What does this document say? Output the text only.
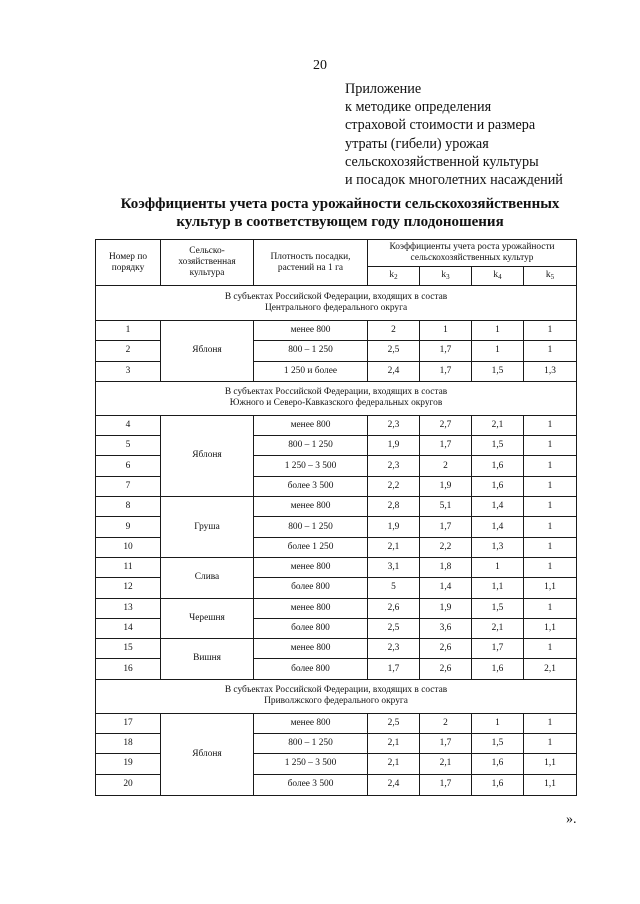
20
Приложение
к методике определения
страховой стоимости и размера
утраты (гибели) урожая
сельскохозяйственной культуры
и посадок многолетних насаждений
Коэффициенты учета роста урожайности сельскохозяйственных
культур в соответствующем году плодоношения
Номер по порядку	Сельско-хозяйственная культура	Плотность посадки, растений на 1 га	Коэффициенты учета роста урожайности сельскохозяйственных культур			
			$k_2$	$k_3$	$k_4$	$k_5$

В субъектах Российской Федерации, входящих в состав
Центрального федерального округа						

1	Яблоня	менее 800	2	1	1	1
2		800 – 1 250	2,5	1,7	1	1
3		1 250 и более	2,4	1,7	1,5	1,3

В субъектах Российской Федерации, входящих в состав
Южного и Северо-Кавказского федеральных округов						

4	Яблоня	менее 800	2,3	2,7	2,1	1
5		800 – 1 250	1,9	1,7	1,5	1
6		1 250 – 3 500	2,3	2	1,6	1
7		более 3 500	2,2	1,9	1,6	1
8	Груша	менее 800	2,8	5,1	1,4	1
9		800 – 1 250	1,9	1,7	1,4	1
10		более 1 250	2,1	2,2	1,3	1
11	Слива	менее 800	3,1	1,8	1	1
12		более 800	5	1,4	1,1	1,1
13	Черешня	менее 800	2,6	1,9	1,5	1
14		более 800	2,5	3,6	2,1	1,1
15	Вишня	менее 800	2,3	2,6	1,7	1
16		более 800	1,7	2,6	1,6	2,1

В субъектах Российской Федерации, входящих в состав
Приволжского федерального округа						

17	Яблоня	менее 800	2,5	2	1	1
18		800 – 1 250	2,1	1,7	1,5	1
19		1 250 – 3 500	2,1	2,1	1,6	1,1
20		более 3 500	2,4	1,7	1,6	1,1
».
